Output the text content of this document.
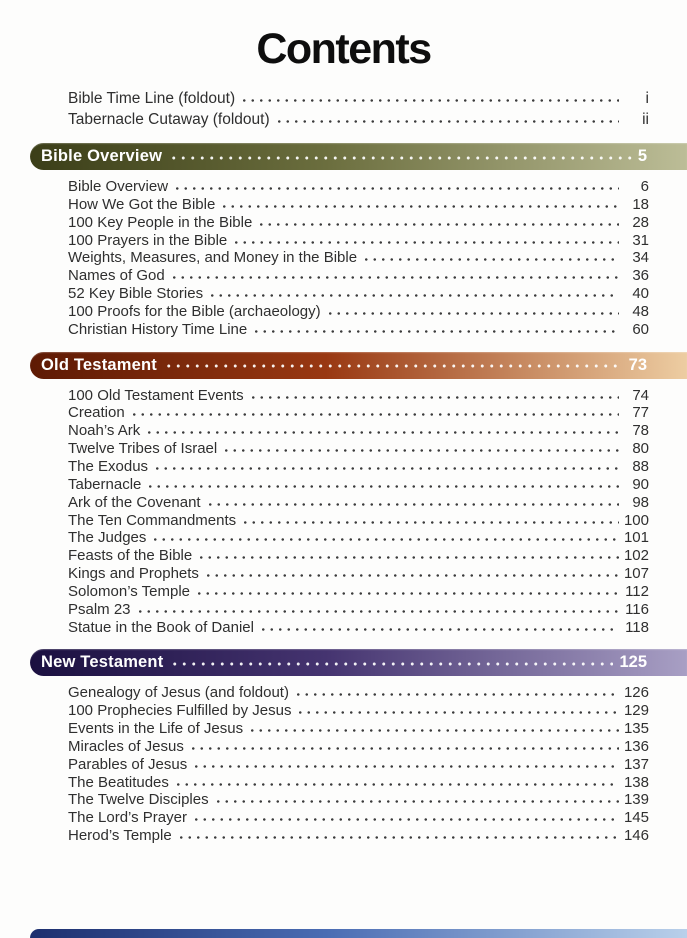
Contents
Bible Time Line (foldout)	i
Tabernacle Cutaway (foldout)	ii
Bible Overview	5
Bible Overview	6
How We Got the Bible	18
100 Key People in the Bible	28
100 Prayers in the Bible	31
Weights, Measures, and Money in the Bible	34
Names of God	36
52 Key Bible Stories	40
100 Proofs for the Bible (archaeology)	48
Christian History Time Line	60
Old Testament	73
100 Old Testament Events	74
Creation	77
Noah’s Ark	78
Twelve Tribes of Israel	80
The Exodus	88
Tabernacle	90
Ark of the Covenant	98
The Ten Commandments	100
The Judges	101
Feasts of the Bible	102
Kings and Prophets	107
Solomon’s Temple	112
Psalm 23	116
Statue in the Book of Daniel	118
New Testament	125
Genealogy of Jesus (and foldout)	126
100 Prophecies Fulfilled by Jesus	129
Events in the Life of Jesus	135
Miracles of Jesus	136
Parables of Jesus	137
The Beatitudes	138
The Twelve Disciples	139
The Lord’s Prayer	145
Herod’s Temple	146
